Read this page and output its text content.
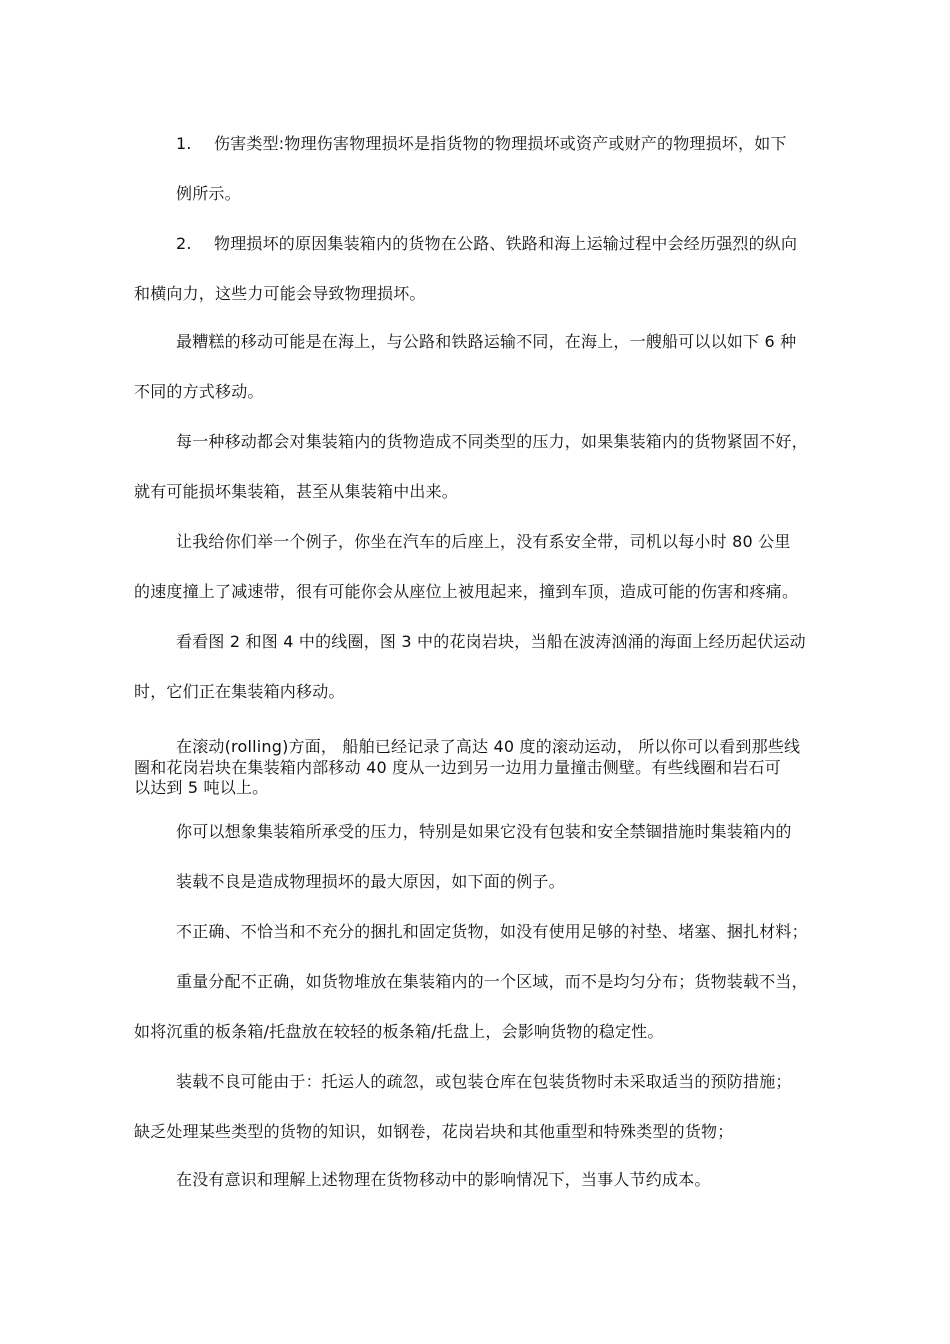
1. 伤害类型:物理伤害物理损坏是指货物的物理损坏或资产或财产的物理损坏，如下
例所示。
2. 物理损坏的原因集装箱内的货物在公路、铁路和海上运输过程中会经历强烈的纵向
和横向力，这些力可能会导致物理损坏。
最糟糕的移动可能是在海上，与公路和铁路运输不同，在海上，一艘船可以以如下 6 种
不同的方式移动。
每一种移动都会对集装箱内的货物造成不同类型的压力，如果集装箱内的货物紧固不好，
就有可能损坏集装箱，甚至从集装箱中出来。
让我给你们举一个例子，你坐在汽车的后座上，没有系安全带，司机以每小时 80 公里
的速度撞上了减速带，很有可能你会从座位上被甩起来，撞到车顶，造成可能的伤害和疼痛。
看看图 2 和图 4 中的线圈，图 3 中的花岗岩块，当船在波涛汹涌的海面上经历起伏运动
时，它们正在集装箱内移动。
在滚动(rolling)方面， 船舶已经记录了高达 40 度的滚动运动， 所以你可以看到那些线
圈和花岗岩块在集装箱内部移动 40 度从一边到另一边用力量撞击侧壁。有些线圈和岩石可
以达到 5 吨以上。
你可以想象集装箱所承受的压力，特别是如果它没有包装和安全禁锢措施时集装箱内的
装载不良是造成物理损坏的最大原因，如下面的例子。
不正确、不恰当和不充分的捆扎和固定货物，如没有使用足够的衬垫、堵塞、捆扎材料；
重量分配不正确，如货物堆放在集装箱内的一个区域，而不是均匀分布；货物装载不当，
如将沉重的板条箱/托盘放在较轻的板条箱/托盘上，会影响货物的稳定性。
装载不良可能由于：托运人的疏忽，或包装仓库在包装货物时未采取适当的预防措施；
缺乏处理某些类型的货物的知识，如钢卷，花岗岩块和其他重型和特殊类型的货物；
在没有意识和理解上述物理在货物移动中的影响情况下，当事人节约成本。
